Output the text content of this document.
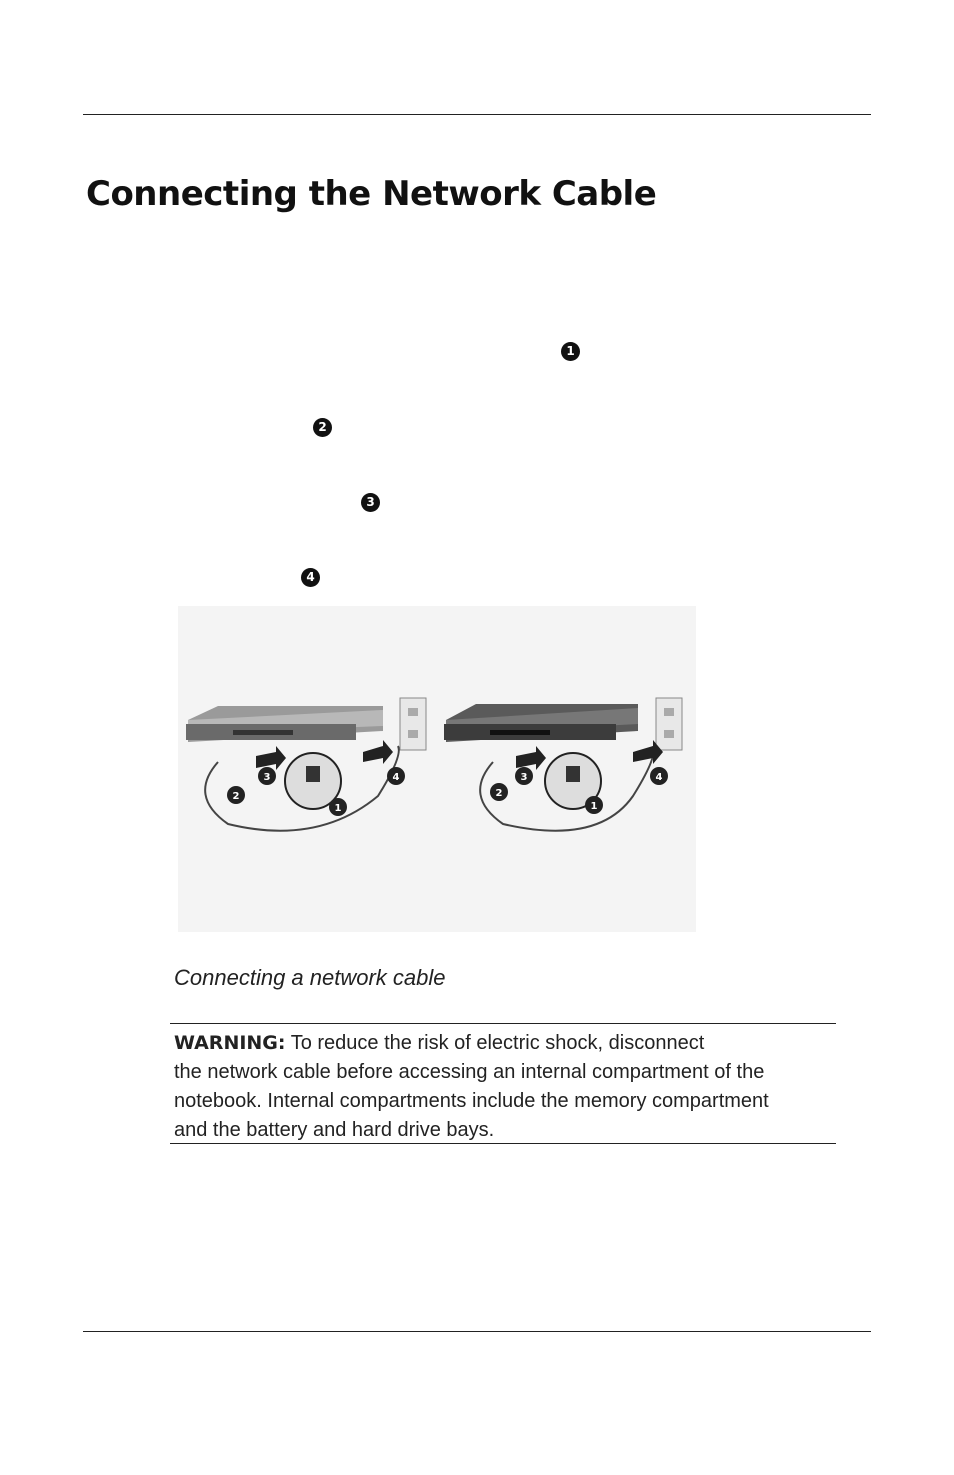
Connecting the Network Cable
1
2
3
4
1
2
3	4
1
2
3	4
Connecting a network cable

WARNING: To reduce the risk of electric shock, disconnect
the network cable before accessing an internal compartment of the
notebook. Internal compartments include the memory compartment
and the battery and hard drive bays.
